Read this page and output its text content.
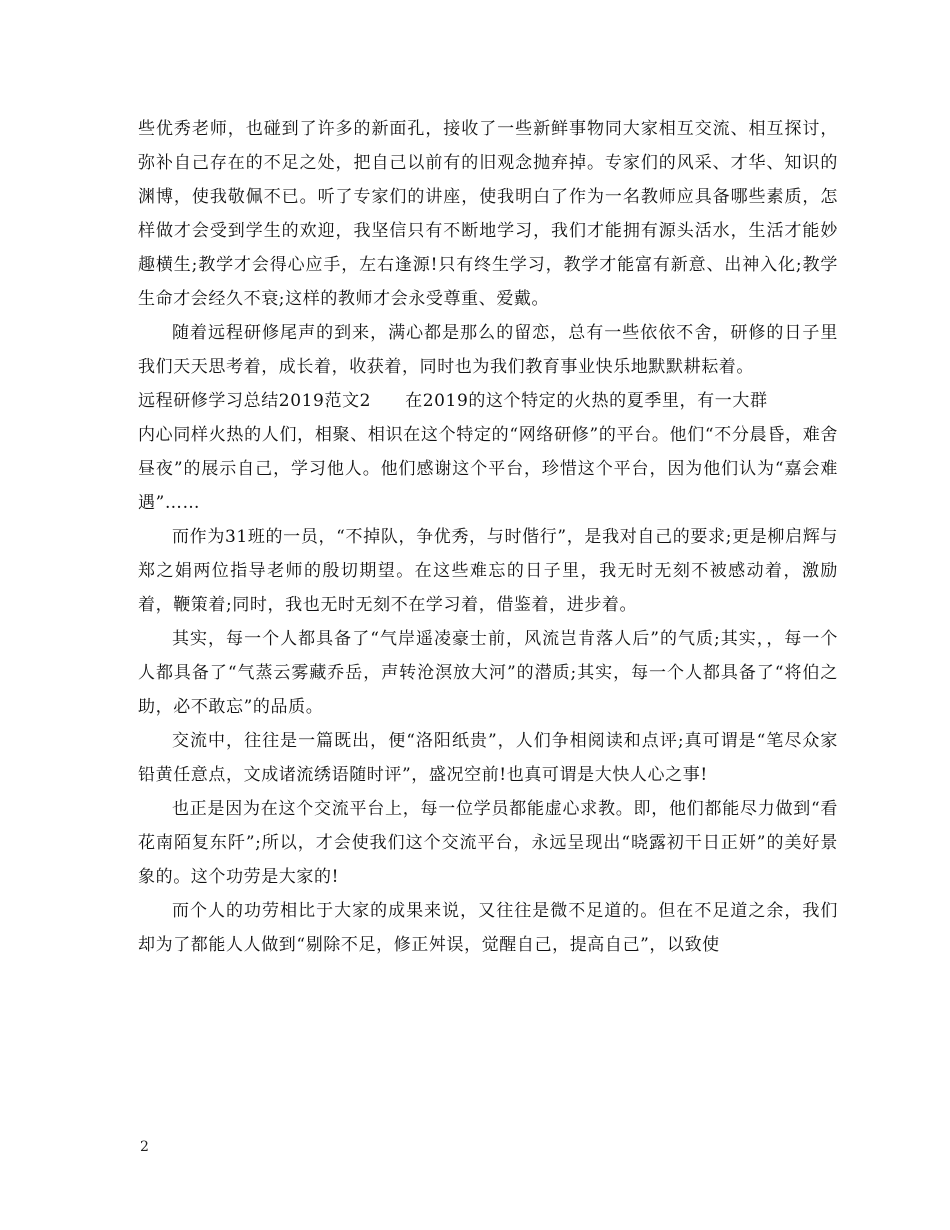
些优秀老师，也碰到了许多的新面孔，接收了一些新鲜事物同大家相互交流、相互探讨，弥补自己存在的不足之处，把自己以前有的旧观念抛弃掉。专家们的风采、才华、知识的渊博，使我敬佩不已。听了专家们的讲座，使我明白了作为一名教师应具备哪些素质，怎样做才会受到学生的欢迎，我坚信只有不断地学习，我们才能拥有源头活水，生活才能妙趣横生;教学才会得心应手，左右逢源!只有终生学习，教学才能富有新意、出神入化;教学生命才会经久不衰;这样的教师才会永受尊重、爱戴。

随着远程研修尾声的到来，满心都是那么的留恋，总有一些依依不舍，研修的日子里我们天天思考着，成长着，收获着，同时也为我们教育事业快乐地默默耕耘着。

远程研修学习总结2019范文2 在2019的这个特定的火热的夏季里，有一大群

内心同样火热的人们，相聚、相识在这个特定的“网络研修”的平台。他们“不分晨昏，难舍昼夜”的展示自己，学习他人。他们感谢这个平台，珍惜这个平台，因为他们认为“嘉会难遇”……

而作为31班的一员，“不掉队，争优秀，与时偕行”，是我对自己的要求;更是柳启辉与郑之娟两位指导老师的殷切期望。在这些难忘的日子里，我无时无刻不被感动着，激励着，鞭策着;同时，我也无时无刻不在学习着，借鉴着，进步着。

其实，每一个人都具备了“气岸遥凌豪士前，风流岂肯落人后”的气质;其实，，每一个人都具备了“气蒸云雾藏乔岳，声转沧溟放大河”的潜质;其实，每一个人都具备了“将伯之助，必不敢忘”的品质。

交流中，往往是一篇既出，便“洛阳纸贵”，人们争相阅读和点评;真可谓是“笔尽众家铅黄任意点，文成诸流绣语随时评”，盛况空前!也真可谓是大快人心之事!

也正是因为在这个交流平台上，每一位学员都能虚心求教。即，他们都能尽力做到“看花南陌复东阡”;所以，才会使我们这个交流平台，永远呈现出“晓露初干日正妍”的美好景象的。这个功劳是大家的!

而个人的功劳相比于大家的成果来说，又往往是微不足道的。但在不足道之余，我们却为了都能人人做到“剔除不足，修正舛误，觉醒自己，提高自己”，以致使

2
